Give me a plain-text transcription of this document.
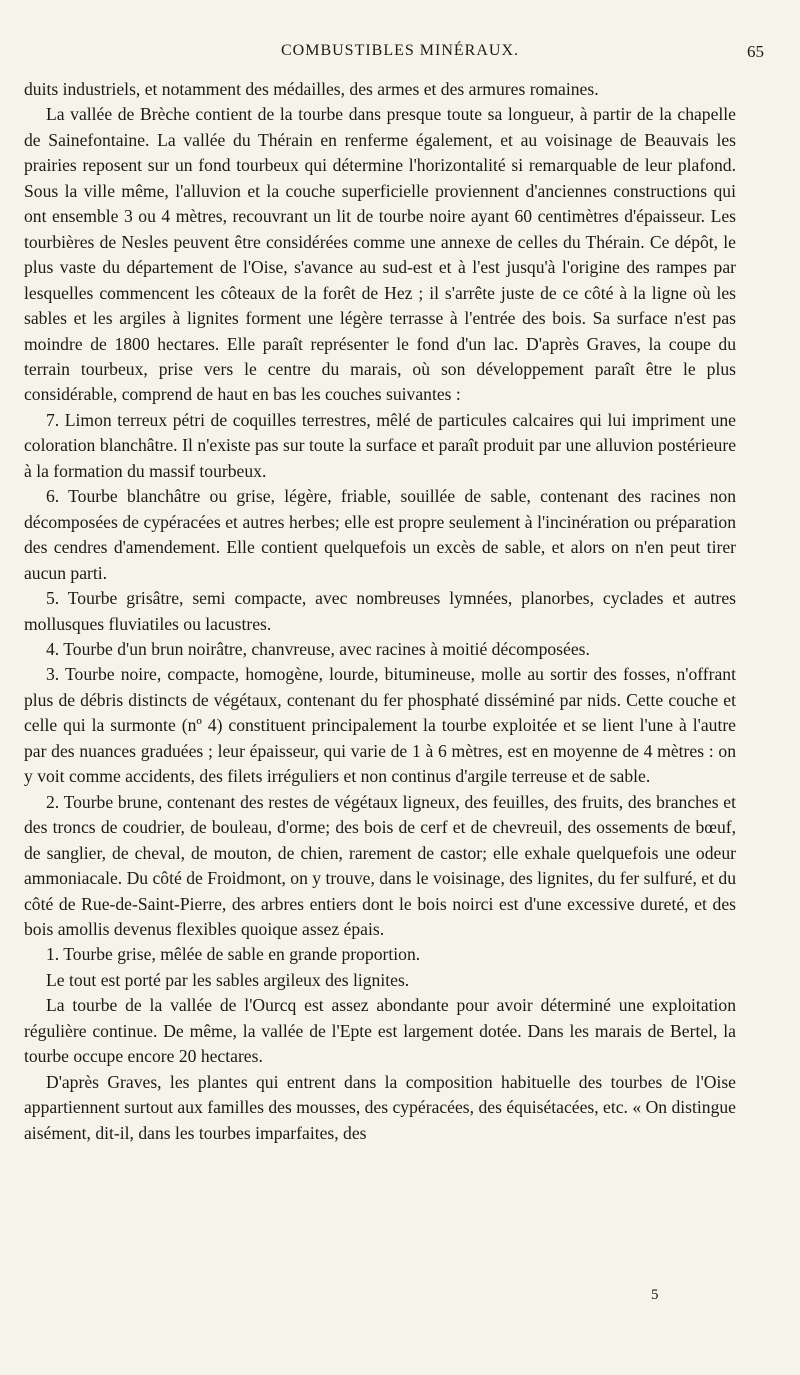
COMBUSTIBLES MINÉRAUX.	65

duits industriels, et notamment des médailles, des armes et des armures romaines.

La vallée de Brèche contient de la tourbe dans presque toute sa longueur, à partir de la chapelle de Sainefontaine. La vallée du Thérain en renferme également, et au voisinage de Beauvais les prairies reposent sur un fond tourbeux qui détermine l'horizontalité si remarquable de leur plafond. Sous la ville même, l'alluvion et la couche superficielle proviennent d'anciennes constructions qui ont ensemble 3 ou 4 mètres, recouvrant un lit de tourbe noire ayant 60 centimètres d'épaisseur. Les tourbières de Nesles peuvent être considérées comme une annexe de celles du Thérain. Ce dépôt, le plus vaste du département de l'Oise, s'avance au sud-est et à l'est jusqu'à l'origine des rampes par lesquelles commencent les côteaux de la forêt de Hez ; il s'arrête juste de ce côté à la ligne où les sables et les argiles à lignites forment une légère terrasse à l'entrée des bois. Sa surface n'est pas moindre de 1800 hectares. Elle paraît représenter le fond d'un lac. D'après Graves, la coupe du terrain tourbeux, prise vers le centre du marais, où son développement paraît être le plus considérable, comprend de haut en bas les couches suivantes :

7. Limon terreux pétri de coquilles terrestres, mêlé de particules calcaires qui lui impriment une coloration blanchâtre. Il n'existe pas sur toute la surface et paraît produit par une alluvion postérieure à la formation du massif tourbeux.

6. Tourbe blanchâtre ou grise, légère, friable, souillée de sable, contenant des racines non décomposées de cypéracées et autres herbes; elle est propre seulement à l'incinération ou préparation des cendres d'amendement. Elle contient quelquefois un excès de sable, et alors on n'en peut tirer aucun parti.

5. Tourbe grisâtre, semi compacte, avec nombreuses lymnées, planorbes, cyclades et autres mollusques fluviatiles ou lacustres.

4. Tourbe d'un brun noirâtre, chanvreuse, avec racines à moitié décomposées.

3. Tourbe noire, compacte, homogène, lourde, bitumineuse, molle au sortir des fosses, n'offrant plus de débris distincts de végétaux, contenant du fer phosphaté disséminé par nids. Cette couche et celle qui la surmonte (nº 4) constituent principalement la tourbe exploitée et se lient l'une à l'autre par des nuances graduées ; leur épaisseur, qui varie de 1 à 6 mètres, est en moyenne de 4 mètres : on y voit comme accidents, des filets irréguliers et non continus d'argile terreuse et de sable.

2. Tourbe brune, contenant des restes de végétaux ligneux, des feuilles, des fruits, des branches et des troncs de coudrier, de bouleau, d'orme; des bois de cerf et de chevreuil, des ossements de bœuf, de sanglier, de cheval, de mouton, de chien, rarement de castor; elle exhale quelquefois une odeur ammoniacale. Du côté de Froidmont, on y trouve, dans le voisinage, des lignites, du fer sulfuré, et du côté de Rue-de-Saint-Pierre, des arbres entiers dont le bois noirci est d'une excessive dureté, et des bois amollis devenus flexibles quoique assez épais.

1. Tourbe grise, mêlée de sable en grande proportion.

Le tout est porté par les sables argileux des lignites.

La tourbe de la vallée de l'Ourcq est assez abondante pour avoir déterminé une exploitation régulière continue. De même, la vallée de l'Epte est largement dotée. Dans les marais de Bertel, la tourbe occupe encore 20 hectares.

D'après Graves, les plantes qui entrent dans la composition habituelle des tourbes de l'Oise appartiennent surtout aux familles des mousses, des cypéracées, des équisétacées, etc. « On distingue aisément, dit-il, dans les tourbes imparfaites, des

5
